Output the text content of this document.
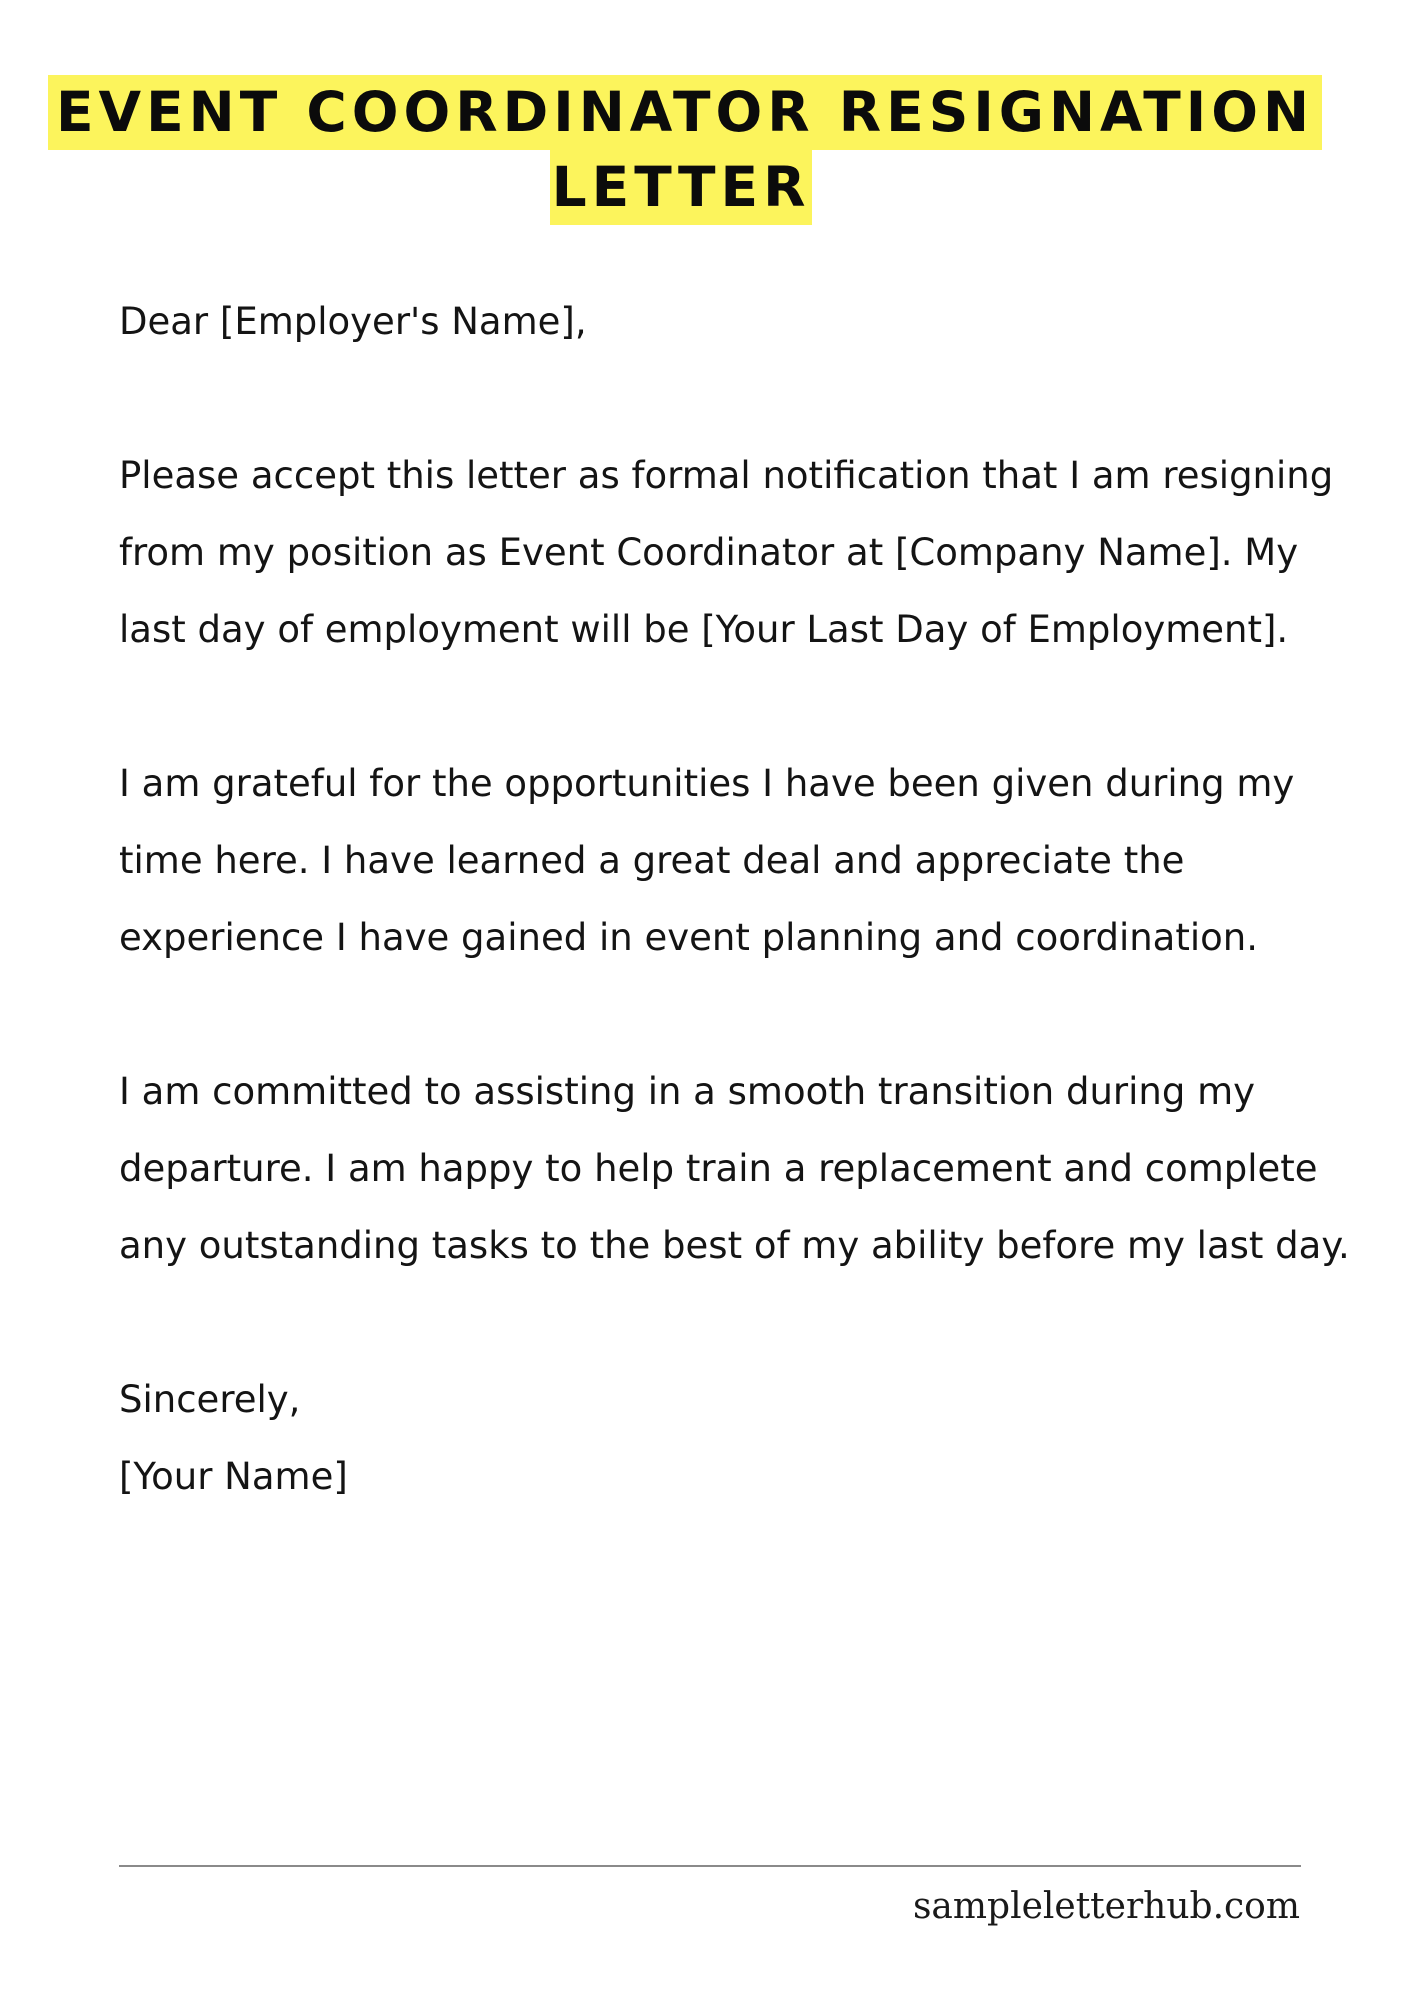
EVENT COORDINATOR RESIGNATION
LETTER

Dear [Employer's Name],

Please accept this letter as formal notification that I am resigning from my position as Event Coordinator at [Company Name]. My last day of employment will be [Your Last Day of Employment].

I am grateful for the opportunities I have been given during my time here. I have learned a great deal and appreciate the experience I have gained in event planning and coordination.

I am committed to assisting in a smooth transition during my departure. I am happy to help train a replacement and complete any outstanding tasks to the best of my ability before my last day.

Sincerely,

[Your Name]

sampleletterhub.com
